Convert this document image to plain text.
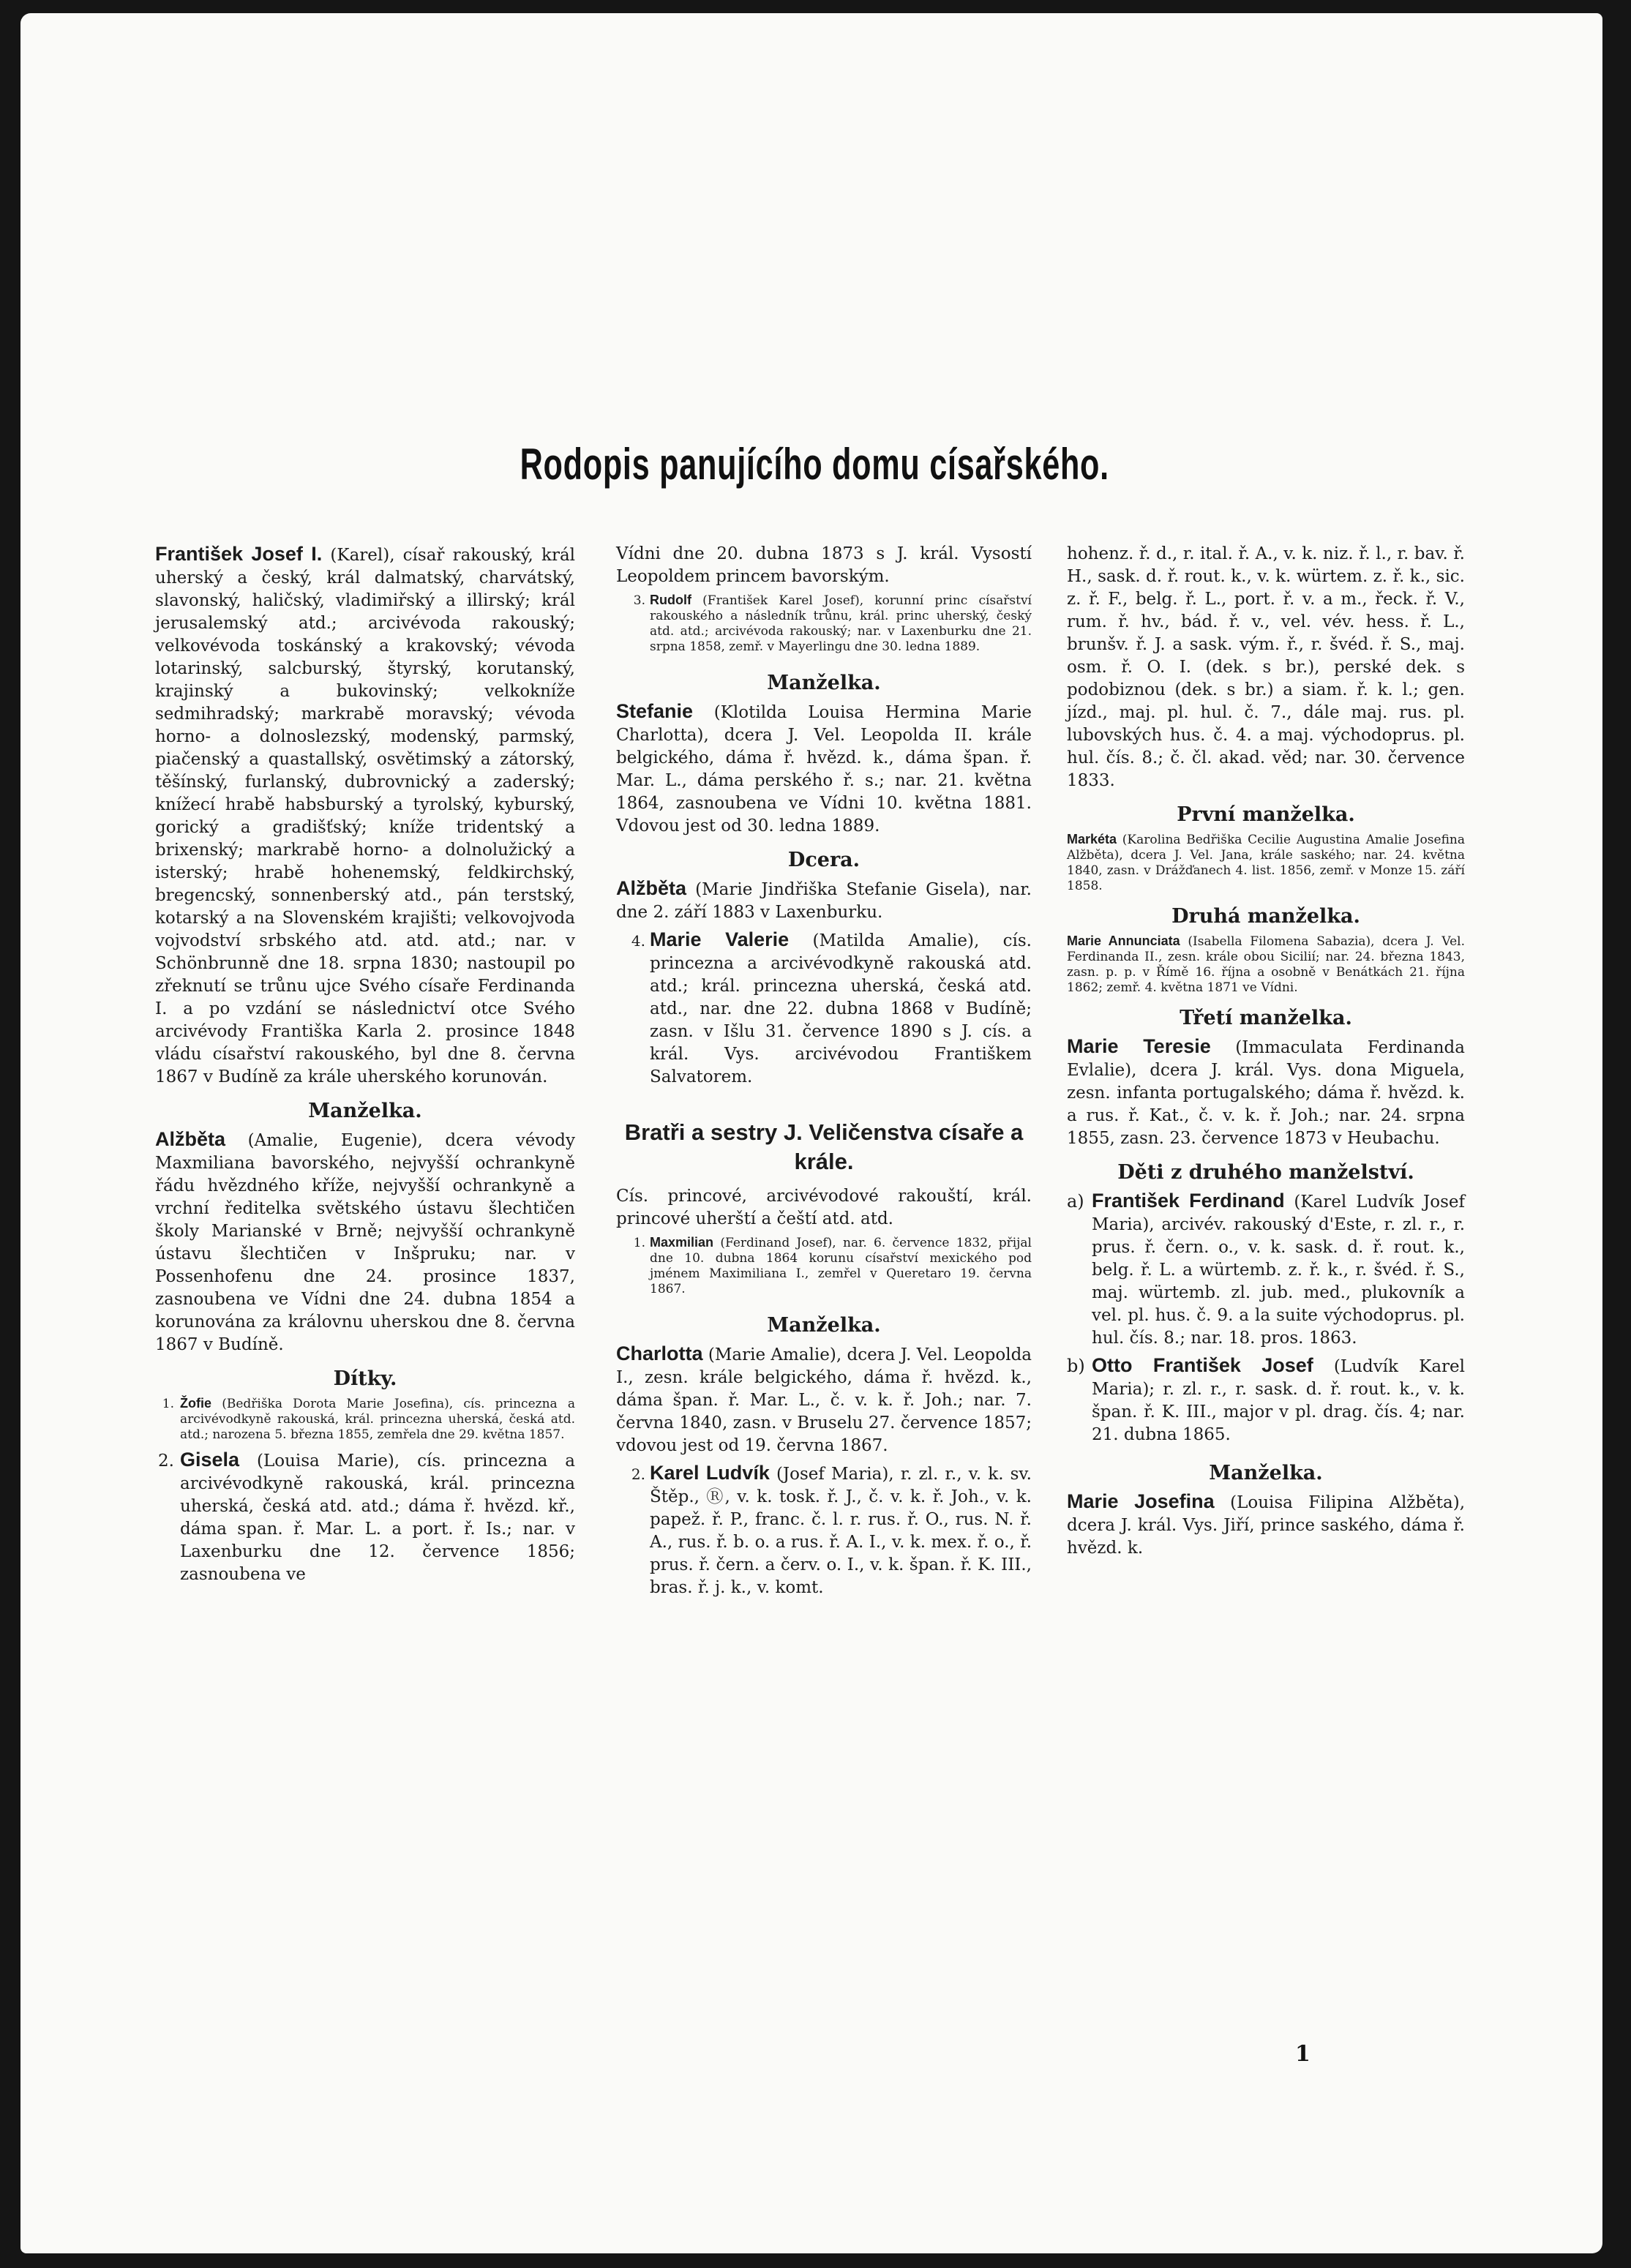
Rodopis panujícího domu císařského.

František Josef I. (Karel), císař rakouský, král uherský a český, král dalmatský, charvátský, slavonský, haličský, vladimiřský a illirský; král jerusalemský atd.; arcivévoda rakouský; velkovévoda toskánský a krakovský; vévoda lotarinský, salcburský, štyrský, korutanský, krajinský a bukovinský; velkokníže sedmihradský; markrabě moravský; vévoda horno- a dolnoslezský, modenský, parmský, piačenský a quastallský, osvětimský a zátorský, těšínský, furlanský, dubrovnický a zaderský; knížecí hrabě habsburský a tyrolský, kyburský, gorický a gradišťský; kníže tridentský a brixenský; markrabě horno- a dolnolužický a isterský; hrabě hohenemský, feldkirchský, bregencský, sonnenberský atd., pán terstský, kotarský a na Slovenském krajišti; velkovojvoda vojvodství srbského atd. atd. atd.; nar. v Schönbrunně dne 18. srpna 1830; nastoupil po zřeknutí se trůnu ujce Svého císaře Ferdinanda I. a po vzdání se následnictví otce Svého arcivévody Františka Karla 2. prosince 1848 vládu císařství rakouského, byl dne 8. června 1867 v Budíně za krále uherského korunován.

Manželka.

Alžběta (Amalie, Eugenie), dcera vévody Maxmiliana bavorského, nejvyšší ochrankyně řádu hvězdného kříže, nejvyšší ochrankyně a vrchní ředitelka světského ústavu šlechtičen školy Marianské v Brně; nejvyšší ochrankyně ústavu šlechtičen v Inšpruku; nar. v Possenhofenu dne 24. prosince 1837, zasnoubena ve Vídni dne 24. dubna 1854 a korunována za královnu uherskou dne 8. června 1867 v Budíně.

Dítky.
1. Žofie (Bedřiška Dorota Marie Josefina), cís. princezna a arcivévodkyně rakouská, král. princezna uherská, česká atd. atd.; narozena 5. března 1855, zemřela dne 29. května 1857.

2. Gisela (Louisa Marie), cís. princezna a arcivévodkyně rakouská, král. princezna uherská, česká atd. atd.; dáma ř. hvězd. kř., dáma span. ř. Mar. L. a port. ř. Is.; nar. v Laxenburku dne 12. července 1856; zasnoubena ve

Vídni dne 20. dubna 1873 s J. král. Vysostí Leopoldem princem bavorským.

3. Rudolf (František Karel Josef), korunní princ císařství rakouského a následník trůnu, král. princ uherský, český atd. atd.; arcivévoda rakouský; nar. v Laxenburku dne 21. srpna 1858, zemř. v Mayerlingu dne 30. ledna 1889.

Manželka.

Stefanie (Klotilda Louisa Hermina Marie Charlotta), dcera J. Vel. Leopolda II. krále belgického, dáma ř. hvězd. k., dáma špan. ř. Mar. L., dáma perského ř. s.; nar. 21. května 1864, zasnoubena ve Vídni 10. května 1881. Vdovou jest od 30. ledna 1889.

Dcera.

Alžběta (Marie Jindřiška Stefanie Gisela), nar. dne 2. září 1883 v Laxenburku.

4. Marie Valerie (Matilda Amalie), cís. princezna a arcivévodkyně rakouská atd. atd.; král. princezna uherská, česká atd. atd., nar. dne 22. dubna 1868 v Budíně; zasn. v Išlu 31. července 1890 s J. cís. a král. Vys. arcivévodou Františkem Salvatorem.

Bratři a sestry J. Veličenstva císaře a krále.

Cís. princové, arcivévodové rakouští, král. princové uherští a čeští atd. atd.

1. Maxmilian (Ferdinand Josef), nar. 6. července 1832, přijal dne 10. dubna 1864 korunu císařství mexického pod jménem Maximiliana I., zemřel v Queretaro 19. června 1867.

Manželka.

Charlotta (Marie Amalie), dcera J. Vel. Leopolda I., zesn. krále belgického, dáma ř. hvězd. k., dáma špan. ř. Mar. L., č. v. k. ř. Joh.; nar. 7. června 1840, zasn. v Bruselu 27. července 1857; vdovou jest od 19. června 1867.

2. Karel Ludvík (Josef Maria), r. zl. r., v. k. sv. Štěp., Ⓡ, v. k. tosk. ř. J., č. v. k. ř. Joh., v. k. papež. ř. P., franc. č. l. r. rus. ř. O., rus. N. ř. A., rus. ř. b. o. a rus. ř. A. I., v. k. mex. ř. o., ř. prus. ř. čern. a červ. o. I., v. k. špan. ř. K. III., bras. ř. j. k., v. komt.

hohenz. ř. d., r. ital. ř. A., v. k. niz. ř. l., r. bav. ř. H., sask. d. ř. rout. k., v. k. würtem. z. ř. k., sic. z. ř. F., belg. ř. L., port. ř. v. a m., řeck. ř. V., rum. ř. hv., bád. ř. v., vel. vév. hess. ř. L., brunšv. ř. J. a sask. vým. ř., r. švéd. ř. S., maj. osm. ř. O. I. (dek. s br.), perské dek. s podobiznou (dek. s br.) a siam. ř. k. l.; gen. jízd., maj. pl. hul. č. 7., dále maj. rus. pl. lubovských hus. č. 4. a maj. východoprus. pl. hul. čís. 8.; č. čl. akad. věd; nar. 30. července 1833.

První manželka.

Markéta (Karolina Bedřiška Cecilie Augustina Amalie Josefina Alžběta), dcera J. Vel. Jana, krále saského; nar. 24. května 1840, zasn. v Drážďanech 4. list. 1856, zemř. v Monze 15. září 1858.

Druhá manželka.

Marie Annunciata (Isabella Filomena Sabazia), dcera J. Vel. Ferdinanda II., zesn. krále obou Sicilií; nar. 24. března 1843, zasn. p. p. v Římě 16. října a osobně v Benátkách 21. října 1862; zemř. 4. května 1871 ve Vídni.

Třetí manželka.

Marie Teresie (Immaculata Ferdinanda Evlalie), dcera J. král. Vys. dona Miguela, zesn. infanta portugalského; dáma ř. hvězd. k. a rus. ř. Kat., č. v. k. ř. Joh.; nar. 24. srpna 1855, zasn. 23. července 1873 v Heubachu.

Děti z druhého manželství.
a) František Ferdinand (Karel Ludvík Josef Maria), arcivév. rakouský d'Este, r. zl. r., r. prus. ř. čern. o., v. k. sask. d. ř. rout. k., belg. ř. L. a würtemb. z. ř. k., r. švéd. ř. S., maj. würtemb. zl. jub. med., plukovník a vel. pl. hus. č. 9. a la suite východoprus. pl. hul. čís. 8.; nar. 18. pros. 1863.

b) Otto František Josef (Ludvík Karel Maria); r. zl. r., r. sask. d. ř. rout. k., v. k. špan. ř. K. III., major v pl. drag. čís. 4; nar. 21. dubna 1865.

Manželka.

Marie Josefina (Louisa Filipina Alžběta), dcera J. král. Vys. Jiří, prince saského, dáma ř. hvězd. k.

1
